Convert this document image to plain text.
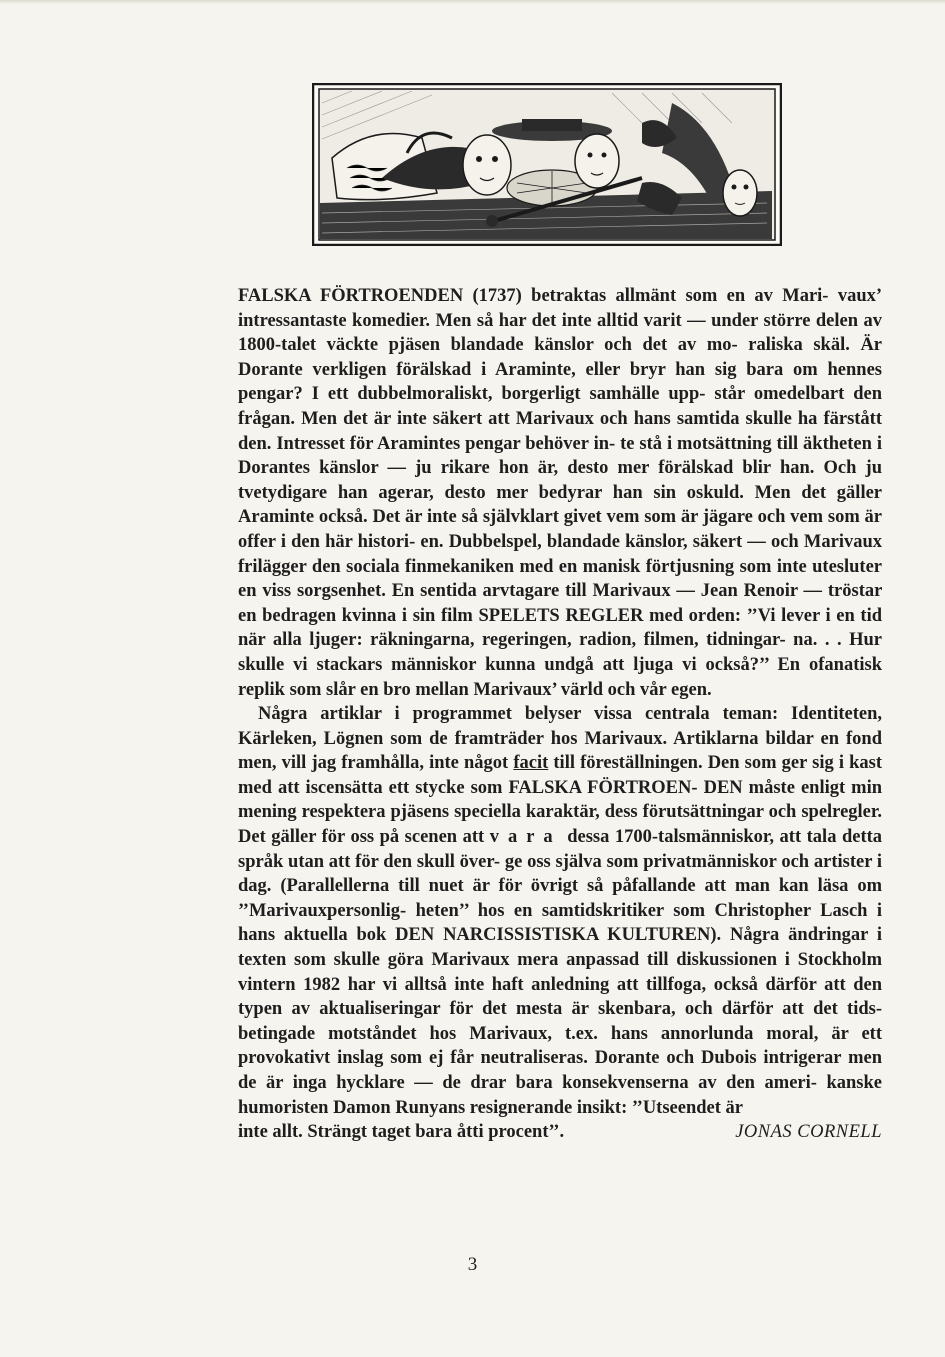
FALSKA FÖRTROENDEN (1737) betraktas allmänt som en av Mari- vaux’ intressantaste komedier. Men så har det inte alltid varit — under större delen av 1800-talet väckte pjäsen blandade känslor och det av mo- raliska skäl. Är Dorante verkligen förälskad i Araminte, eller bryr han sig bara om hennes pengar? I ett dubbelmoraliskt, borgerligt samhälle upp- står omedelbart den frågan. Men det är inte säkert att Marivaux och hans samtida skulle ha färstått den. Intresset för Aramintes pengar behöver in- te stå i motsättning till äktheten i Dorantes känslor — ju rikare hon är, desto mer förälskad blir han. Och ju tvetydigare han agerar, desto mer bedyrar han sin oskuld. Men det gäller Araminte också. Det är inte så självklart givet vem som är jägare och vem som är offer i den här histori- en. Dubbelspel, blandade känslor, säkert — och Marivaux frilägger den sociala finmekaniken med en manisk förtjusning som inte utesluter en viss sorgsenhet. En sentida arvtagare till Marivaux — Jean Renoir — tröstar en bedragen kvinna i sin film SPELETS REGLER med orden: ’’Vi lever i en tid när alla ljuger: räkningarna, regeringen, radion, filmen, tidningar- na. . . Hur skulle vi stackars människor kunna undgå att ljuga vi också?’’ En ofanatisk replik som slår en bro mellan Marivaux’ värld och vår egen.

Några artiklar i programmet belyser vissa centrala teman: Identiteten, Kärleken, Lögnen som de framträder hos Marivaux. Artiklarna bildar en fond men, vill jag framhålla, inte något facit till föreställningen. Den som ger sig i kast med att iscensätta ett stycke som FALSKA FÖRTROEN- DEN måste enligt min mening respektera pjäsens speciella karaktär, dess förutsättningar och spelregler. Det gäller för oss på scenen att vara dessa 1700-talsmänniskor, att tala detta språk utan att för den skull över- ge oss själva som privatmänniskor och artister i dag. (Parallellerna till nuet är för övrigt så påfallande att man kan läsa om ’’Marivauxpersonlig- heten’’ hos en samtidskritiker som Christopher Lasch i hans aktuella bok DEN NARCISSISTISKA KULTUREN). Några ändringar i texten som skulle göra Marivaux mera anpassad till diskussionen i Stockholm vintern 1982 har vi alltså inte haft anledning att tillfoga, också därför att den typen av aktualiseringar för det mesta är skenbara, och därför att det tids- betingade motståndet hos Marivaux, t.ex. hans annorlunda moral, är ett provokativt inslag som ej får neutraliseras. Dorante och Dubois intrigerar men de är inga hycklare — de drar bara konsekvenserna av den ameri- kanske humoristen Damon Runyans resignerande insikt: ’’Utseendet är

inte allt. Strängt taget bara åtti procent’’.	JONAS CORNELL
3
